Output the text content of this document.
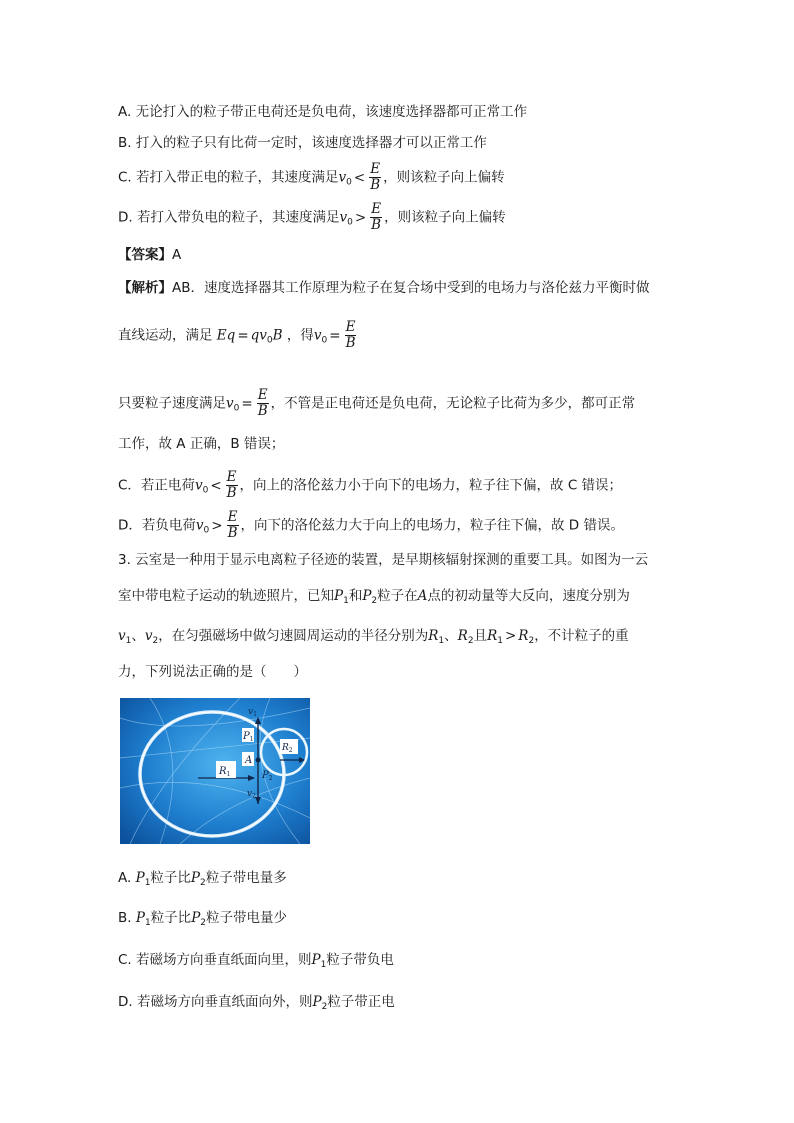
A. 无论打入的粒子带正电荷还是负电荷，该速度选择器都可正常工作
B. 打入的粒子只有比荷一定时，该速度选择器才可以正常工作
C. 若打入带正电的粒子，其速度满足$v_0 < \frac{E}{B}$ ，则该粒子向上偏转
D. 若打入带负电的粒子，其速度满足$v_0 > \frac{E}{B}$ ，则该粒子向上偏转
【答案】A
【解析】AB．速度选择器其工作原理为粒子在复合场中受到的电场力与洛伦兹力平衡时做
直线运动，满足 $Eq = qv_0B$ ，得$v_0 = \frac{E}{B}$
只要粒子速度满足$v_0 = \frac{E}{B}$ ，不管是正电荷还是负电荷，无论粒子比荷为多少，都可正常
工作，故 A 正确，B 错误；
C．若正电荷$v_0 < \frac{E}{B}$ ，向上的洛伦兹力小于向下的电场力，粒子往下偏，故 C 错误；
D．若负电荷$v_0 > \frac{E}{B}$ ，向下的洛伦兹力大于向上的电场力，粒子往下偏，故 D 错误。
3. 云室是一种用于显示电离粒子径迹的装置，是早期核辐射探测的重要工具。如图为一云
室中带电粒子运动的轨迹照片，已知$P_1$和$P_2$粒子在A点的初动量等大反向，速度分别为
$v_1$、$v_2$，在匀强磁场中做匀速圆周运动的半径分别为$R_1$、$R_2$且$R_1 > R_2$，不计粒子的重
力，下列说法正确的是（　　）
$v_1$
$P_1$
A
$R_1$
$R_2$
$P_2$
$v_2$
A. $P_1$粒子比$P_2$粒子带电量多
B. $P_1$粒子比$P_2$粒子带电量少
C. 若磁场方向垂直纸面向里，则$P_1$粒子带负电
D. 若磁场方向垂直纸面向外，则$P_2$粒子带正电
